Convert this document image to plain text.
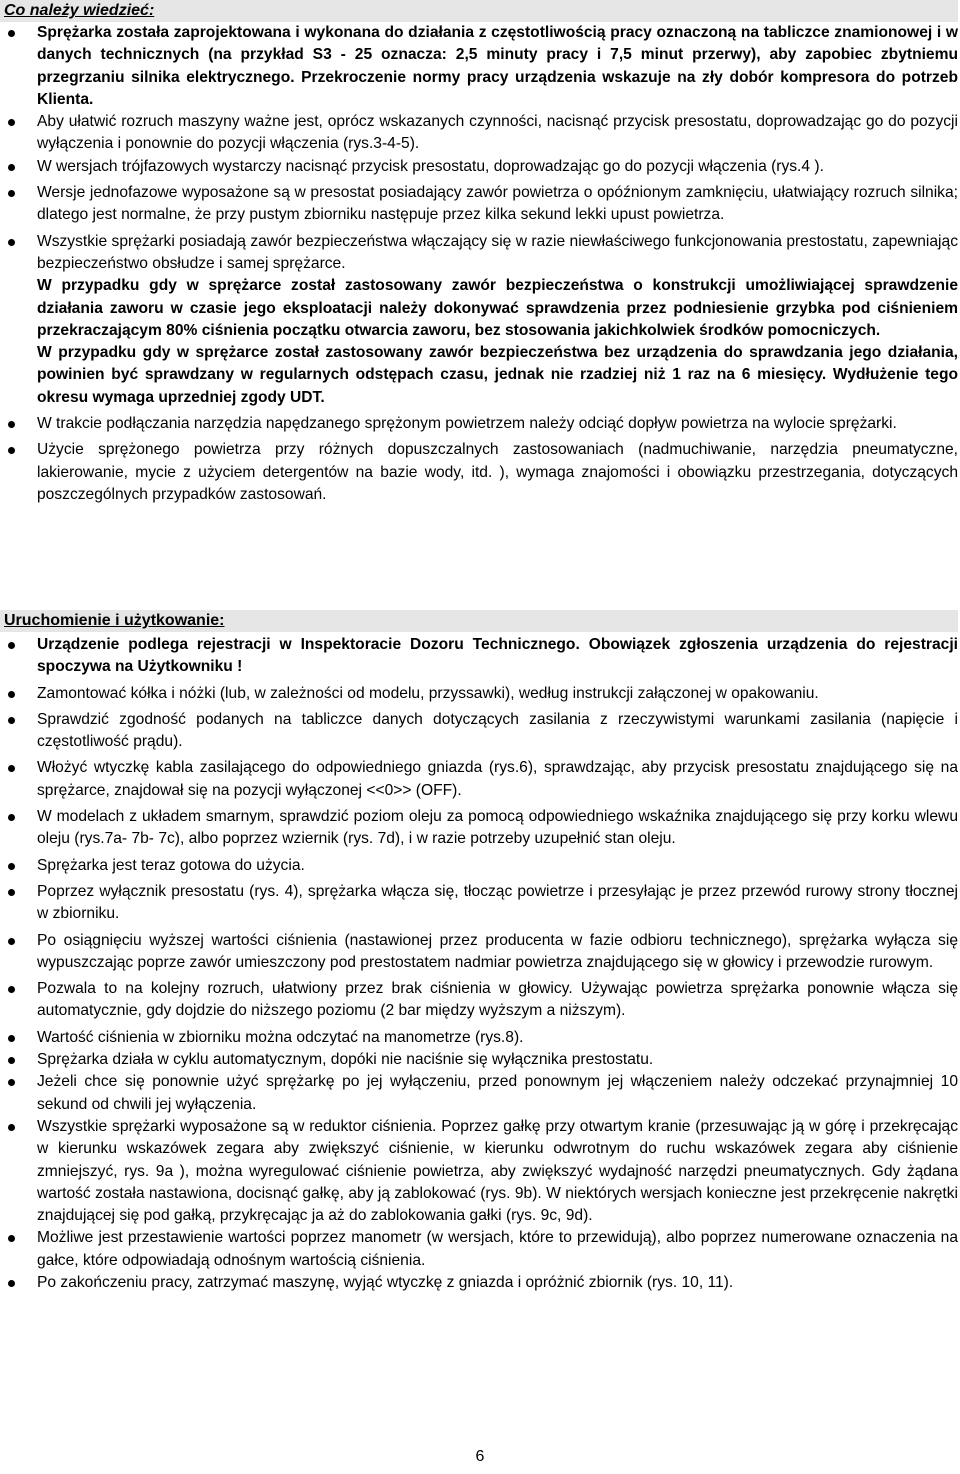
Co należy wiedzieć:
Sprężarka została zaprojektowana i wykonana do działania z częstotliwością pracy oznaczoną na tabliczce znamionowej i w danych technicznych (na przykład S3 - 25 oznacza: 2,5 minuty pracy i 7,5 minut przerwy), aby zapobiec zbytniemu przegrzaniu silnika elektrycznego. Przekroczenie normy pracy urządzenia wskazuje na zły dobór kompresora do potrzeb Klienta.
Aby ułatwić rozruch maszyny ważne jest, oprócz wskazanych czynności, nacisnąć przycisk presostatu, doprowadzając go do pozycji wyłączenia i ponownie do pozycji włączenia (rys.3-4-5).
W wersjach trójfazowych wystarczy nacisnąć przycisk presostatu, doprowadzając go do pozycji włączenia (rys.4 ).
Wersje jednofazowe wyposażone są w presostat posiadający zawór powietrza o opóźnionym zamknięciu, ułatwiający rozruch silnika; dlatego jest normalne, że przy pustym zbiorniku następuje przez kilka sekund lekki upust powietrza.
Wszystkie sprężarki posiadają zawór bezpieczeństwa włączający się w razie niewłaściwego funkcjonowania prestostatu, zapewniając bezpieczeństwo obsłudze i samej sprężarce.

W przypadku gdy w sprężarce został zastosowany zawór bezpieczeństwa o konstrukcji umożliwiającej sprawdzenie działania zaworu w czasie jego eksploatacji należy dokonywać sprawdzenia przez podniesienie grzybka pod ciśnieniem przekraczającym 80% ciśnienia początku otwarcia zaworu, bez stosowania jakichkolwiek środków pomocniczych.

W przypadku gdy w sprężarce został zastosowany zawór bezpieczeństwa bez urządzenia do sprawdzania jego działania, powinien być sprawdzany w regularnych odstępach czasu, jednak nie rzadziej niż 1 raz na 6 miesięcy. Wydłużenie tego okresu wymaga uprzedniej zgody UDT.

W trakcie podłączania narzędzia napędzanego sprężonym powietrzem należy odciąć dopływ powietrza na wylocie sprężarki.
Użycie sprężonego powietrza przy różnych dopuszczalnych zastosowaniach (nadmuchiwanie, narzędzia pneumatyczne, lakierowanie, mycie z użyciem detergentów na bazie wody, itd. ), wymaga znajomości i obowiązku przestrzegania, dotyczących poszczególnych przypadków zastosowań.
Uruchomienie i użytkowanie:
Urządzenie podlega rejestracji w Inspektoracie Dozoru Technicznego. Obowiązek zgłoszenia urządzenia do rejestracji spoczywa na Użytkowniku !
Zamontować kółka i nóżki (lub, w zależności od modelu, przyssawki), według instrukcji załączonej w opakowaniu.
Sprawdzić zgodność podanych na tabliczce danych dotyczących zasilania z rzeczywistymi warunkami zasilania (napięcie i częstotliwość prądu).
Włożyć wtyczkę kabla zasilającego do odpowiedniego gniazda (rys.6), sprawdzając, aby przycisk presostatu znajdującego się na sprężarce, znajdował się na pozycji wyłączonej <<0>> (OFF).
W modelach z układem smarnym, sprawdzić poziom oleju za pomocą odpowiedniego wskaźnika znajdującego się przy korku wlewu oleju (rys.7a- 7b- 7c), albo poprzez wziernik (rys. 7d), i w razie potrzeby uzupełnić stan oleju.
Sprężarka jest teraz gotowa do użycia.
Poprzez wyłącznik presostatu (rys. 4), sprężarka włącza się, tłocząc powietrze i przesyłając je przez przewód rurowy strony tłocznej w zbiorniku.
Po osiągnięciu wyższej wartości ciśnienia (nastawionej przez producenta w fazie odbioru technicznego), sprężarka wyłącza się wypuszczając poprze zawór umieszczony pod prestostatem nadmiar powietrza znajdującego się w głowicy i przewodzie rurowym.
Pozwala to na kolejny rozruch, ułatwiony przez brak ciśnienia w głowicy. Używając powietrza sprężarka ponownie włącza się automatycznie, gdy dojdzie do niższego poziomu (2 bar między wyższym a niższym).
Wartość ciśnienia w zbiorniku można odczytać na manometrze (rys.8).
Sprężarka działa w cyklu automatycznym, dopóki nie naciśnie się wyłącznika prestostatu.
Jeżeli chce się ponownie użyć sprężarkę po jej wyłączeniu, przed ponownym jej włączeniem należy odczekać przynajmniej 10 sekund od chwili jej wyłączenia.
Wszystkie sprężarki wyposażone są w reduktor ciśnienia. Poprzez gałkę przy otwartym kranie (przesuwając ją w górę i przekręcając w kierunku wskazówek zegara aby zwiększyć ciśnienie, w kierunku odwrotnym do ruchu wskazówek zegara aby ciśnienie zmniejszyć, rys. 9a ), można wyregulować ciśnienie powietrza, aby zwiększyć wydajność narzędzi pneumatycznych. Gdy żądana wartość została nastawiona, docisnąć gałkę, aby ją zablokować (rys. 9b). W niektórych wersjach konieczne jest przekręcenie nakrętki znajdującej się pod gałką, przykręcając ja aż do zablokowania gałki (rys. 9c, 9d).
Możliwe jest przestawienie wartości poprzez manometr (w wersjach, które to przewidują), albo poprzez numerowane oznaczenia na gałce, które odpowiadają odnośnym wartością ciśnienia.
Po zakończeniu pracy, zatrzymać maszynę, wyjąć wtyczkę z gniazda i opróżnić zbiornik (rys. 10, 11).
6
